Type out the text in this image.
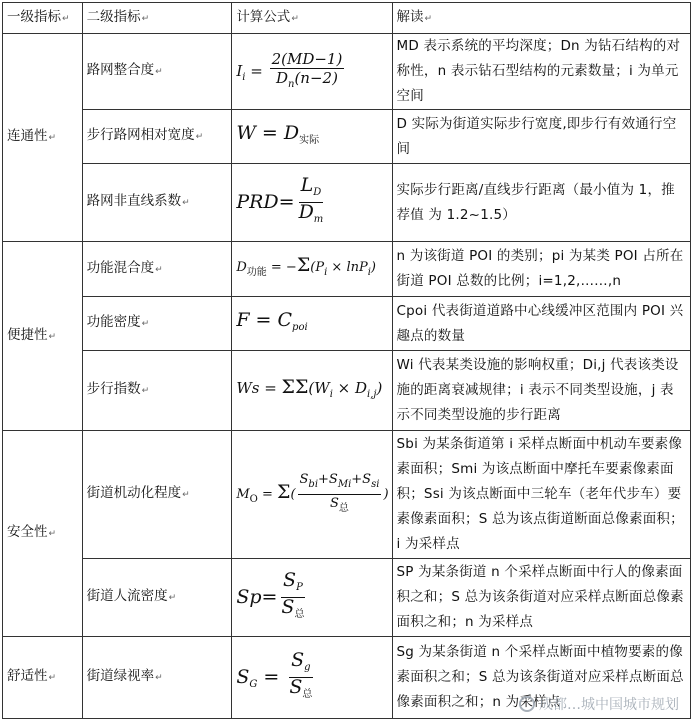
一级指标↵	二级指标↵	计算公式↵	解读↵
连通性↵	路网整合度↵	$I_i = \frac{2(MD-1)}{D_n(n-2)}$	MD 表示系统的平均深度；Dn 为钻石结构的对称性，n 表示钻石型结构的元素数量；i 为单元空间
	步行路网相对宽度↵	$W = D_{实际}$	D 实际为街道实际步行宽度,即步行有效通行空间
	路网非直线系数↵	$PRD= \frac{L_D}{D_m}$	实际步行距离/直线步行距离（最小值为 1，推荐值 为 1.2~1.5）
便捷性↵	功能混合度↵	$D_{功能} = -\Sigma(P_i \times \ln P_i)$	n 为该街道 POI 的类别；pi 为某类 POI 占所在街道 POI 总数的比例；i=1,2,……,n
	功能密度↵	$F = C_{poi}$	Cpoi 代表街道道路中心线缓冲区范围内 POI 兴趣点的数量
	步行指数↵	$Ws = \Sigma\Sigma(W_i \times D_{i,j})$	Wi 代表某类设施的影响权重；Di,j 代表该类设施的距离衰减规律；i 表示不同类型设施，j 表示不同类型设施的步行距离
安全性↵	街道机动化程度↵	$M_O = \Sigma( \frac{S_{bi}+S_{Mi}+S_{si}}{S_总}$ )	Sbi 为某条街道第 i 采样点断面中机动车要素像素面积；Smi 为该点断面中摩托车要素像素面积；Ssi 为该点断面中三轮车（老年代步车）要素像素面积；S 总为该点街道断面总像素面积；i 为采样点
	街道人流密度↵	$Sp= \frac{S_P}{S_总}$	SP 为某条街道 n 个采样点断面中行人的像素面积之和；S 总为该条街道对应采样点断面总像素面积之和；n 为采样点
舒适性↵	街道绿视率↵	$S_G = \frac{S_g}{S_总}$	Sg 为某条街道 n 个采样点断面中植物要素的像素面积之和；S 总为该条街道对应采样点断面总像素面积之和；n 为采样点
成都…城中国城市规划
